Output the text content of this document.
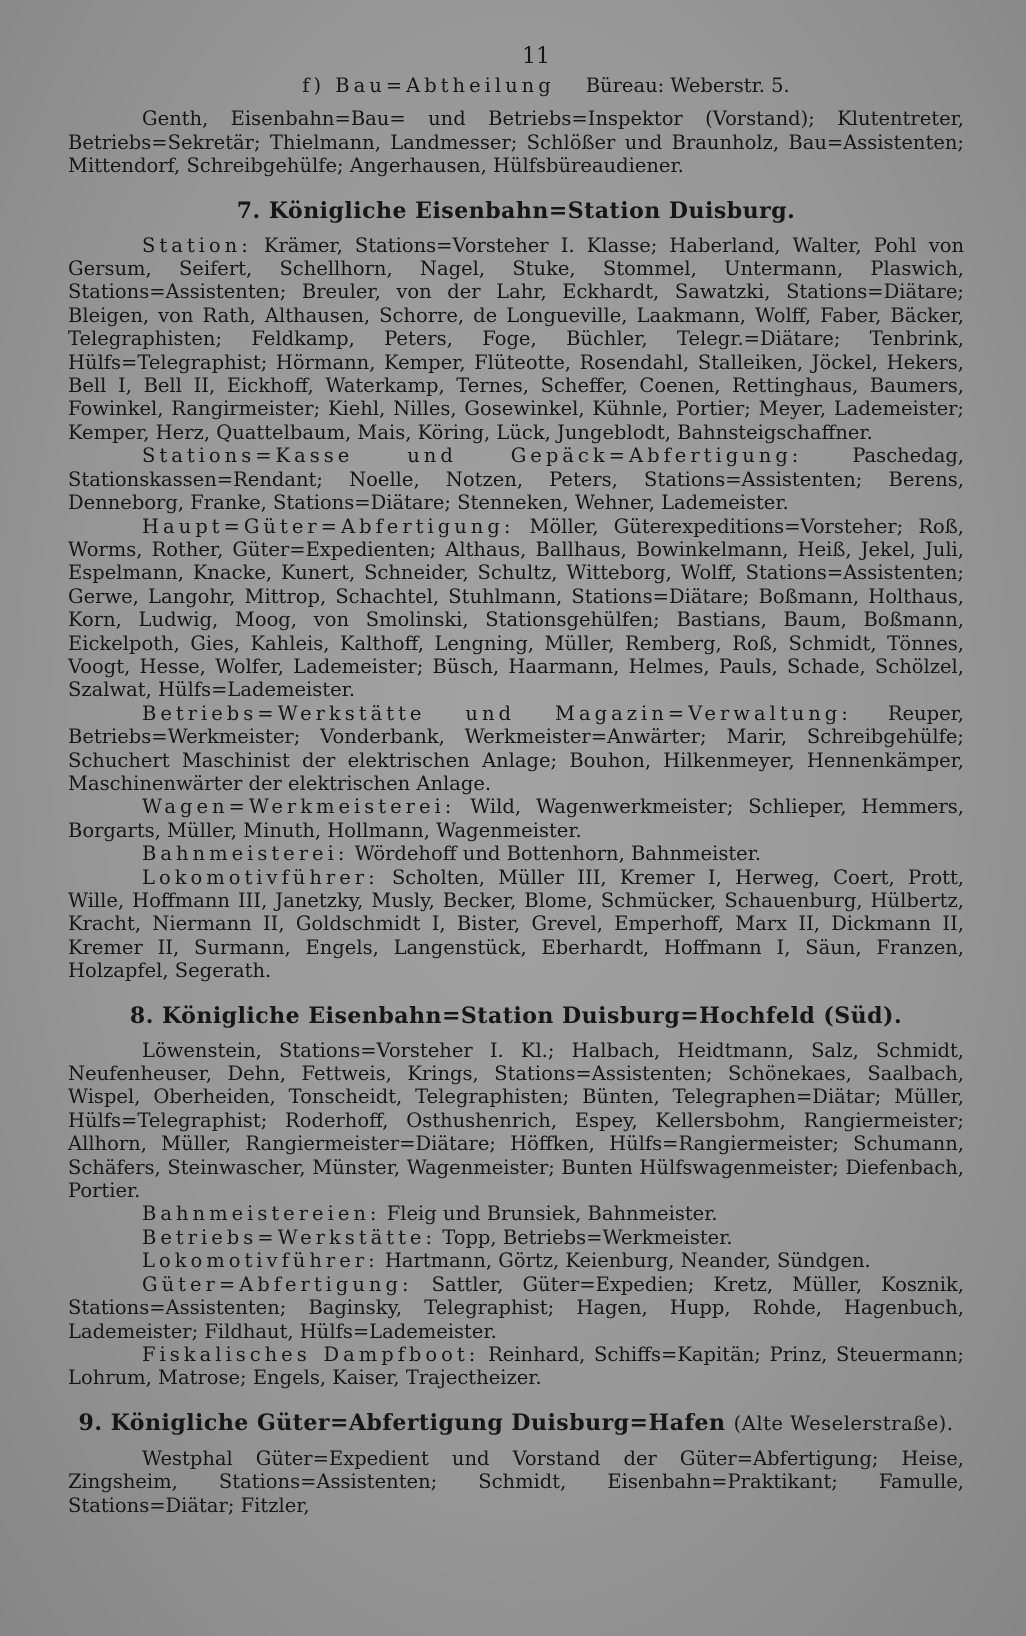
11

f) Bau=Abtheilung Büreau: Weberstr. 5.

Genth, Eisenbahn=Bau= und Betriebs=Inspektor (Vorstand); Klutentreter, Betriebs=Sekretär; Thielmann, Landmesser; Schlößer und Braunholz, Bau=Assistenten; Mittendorf, Schreibgehülfe; Angerhausen, Hülfsbüreaudiener.

7. Königliche Eisenbahn=Station Duisburg.

Station: Krämer, Stations=Vorsteher I. Klasse; Haberland, Walter, Pohl von Gersum, Seifert, Schellhorn, Nagel, Stuke, Stommel, Untermann, Plaswich, Stations=Assistenten; Breuler, von der Lahr, Eckhardt, Sawatzki, Stations=Diätare; Bleigen, von Rath, Althausen, Schorre, de Longueville, Laakmann, Wolff, Faber, Bäcker, Telegraphisten; Feldkamp, Peters, Foge, Büchler, Telegr.=Diätare; Tenbrink, Hülfs=Telegraphist; Hörmann, Kemper, Flüteotte, Rosendahl, Stalleiken, Jöckel, Hekers, Bell I, Bell II, Eickhoff, Waterkamp, Ternes, Scheffer, Coenen, Rettinghaus, Baumers, Fowinkel, Rangirmeister; Kiehl, Nilles, Gosewinkel, Kühnle, Portier; Meyer, Lademeister; Kemper, Herz, Quattelbaum, Mais, Köring, Lück, Jungeblodt, Bahnsteigschaffner.

Stations=Kasse und Gepäck=Abfertigung:	Paschedag, Stationskassen=Rendant; Noelle, Notzen, Peters, Stations=Assistenten; Berens, Denneborg, Franke, Stations=Diätare; Stenneken, Wehner, Lademeister.

Haupt=Güter=Abfertigung: Möller, Güterexpeditions=Vorsteher; Roß, Worms, Rother, Güter=Expedienten; Althaus, Ballhaus, Bowinkelmann, Heiß, Jekel, Juli, Espelmann, Knacke, Kunert, Schneider, Schultz, Witteborg, Wolff, Stations=Assistenten; Gerwe, Langohr, Mittrop, Schachtel, Stuhlmann, Stations=Diätare; Boßmann, Holthaus, Korn, Ludwig, Moog, von Smolinski, Stationsgehülfen; Bastians, Baum, Boßmann, Eickelpoth, Gies, Kahleis, Kalthoff, Lengning, Müller, Remberg, Roß, Schmidt, Tönnes, Voogt, Hesse, Wolfer, Lademeister; Büsch, Haarmann, Helmes, Pauls, Schade, Schölzel, Szalwat, Hülfs=Lademeister.

Betriebs=Werkstätte und Magazin=Verwaltung: Reuper, Betriebs=Werkmeister; Vonderbank, Werkmeister=Anwärter; Marir, Schreibgehülfe; Schuchert Maschinist der elektrischen Anlage; Bouhon, Hilkenmeyer, Hennenkämper, Maschinenwärter der elektrischen Anlage.

Wagen=Werkmeisterei: Wild, Wagenwerkmeister; Schlieper, Hemmers, Borgarts, Müller, Minuth, Hollmann, Wagenmeister.

Bahnmeisterei: Wördehoff und Bottenhorn, Bahnmeister.

Lokomotivführer: Scholten, Müller III, Kremer I, Herweg, Coert, Prott, Wille, Hoffmann III, Janetzky, Musly, Becker, Blome, Schmücker, Schauenburg, Hülbertz, Kracht, Niermann II, Goldschmidt I, Bister, Grevel, Emperhoff, Marx II, Dickmann II, Kremer II, Surmann, Engels, Langenstück, Eberhardt, Hoffmann I, Säun, Franzen, Holzapfel, Segerath.

8. Königliche Eisenbahn=Station Duisburg=Hochfeld (Süd).

Löwenstein, Stations=Vorsteher I. Kl.; Halbach, Heidtmann, Salz, Schmidt, Neufenheuser, Dehn, Fettweis, Krings, Stations=Assistenten; Schönekaes, Saalbach, Wispel, Oberheiden, Tonscheidt, Telegraphisten; Bünten, Telegraphen=Diätar; Müller, Hülfs=Telegraphist; Roderhoff, Osthushenrich, Espey, Kellersbohm, Rangiermeister; Allhorn, Müller, Rangiermeister=Diätare; Höffken, Hülfs=Rangiermeister; Schumann, Schäfers, Steinwascher, Münster, Wagenmeister; Bunten Hülfswagenmeister; Diefenbach, Portier.

Bahnmeistereien: Fleig und Brunsiek, Bahnmeister.

Betriebs=Werkstätte: Topp, Betriebs=Werkmeister.

Lokomotivführer: Hartmann, Görtz, Keienburg, Neander, Sündgen.

Güter=Abfertigung: Sattler, Güter=Expedien; Kretz, Müller, Kosznik, Stations=Assistenten; Baginsky, Telegraphist; Hagen, Hupp, Rohde, Hagenbuch, Lademeister; Fildhaut, Hülfs=Lademeister.

Fiskalisches Dampfboot: Reinhard, Schiffs=Kapitän; Prinz, Steuermann; Lohrum, Matrose; Engels, Kaiser, Trajectheizer.

9. Königliche Güter=Abfertigung Duisburg=Hafen (Alte Weselerstraße).

Westphal Güter=Expedient und Vorstand der Güter=Abfertigung; Heise, Zingsheim, Stations=Assistenten; Schmidt, Eisenbahn=Praktikant; Famulle, Stations=Diätar; Fitzler,
